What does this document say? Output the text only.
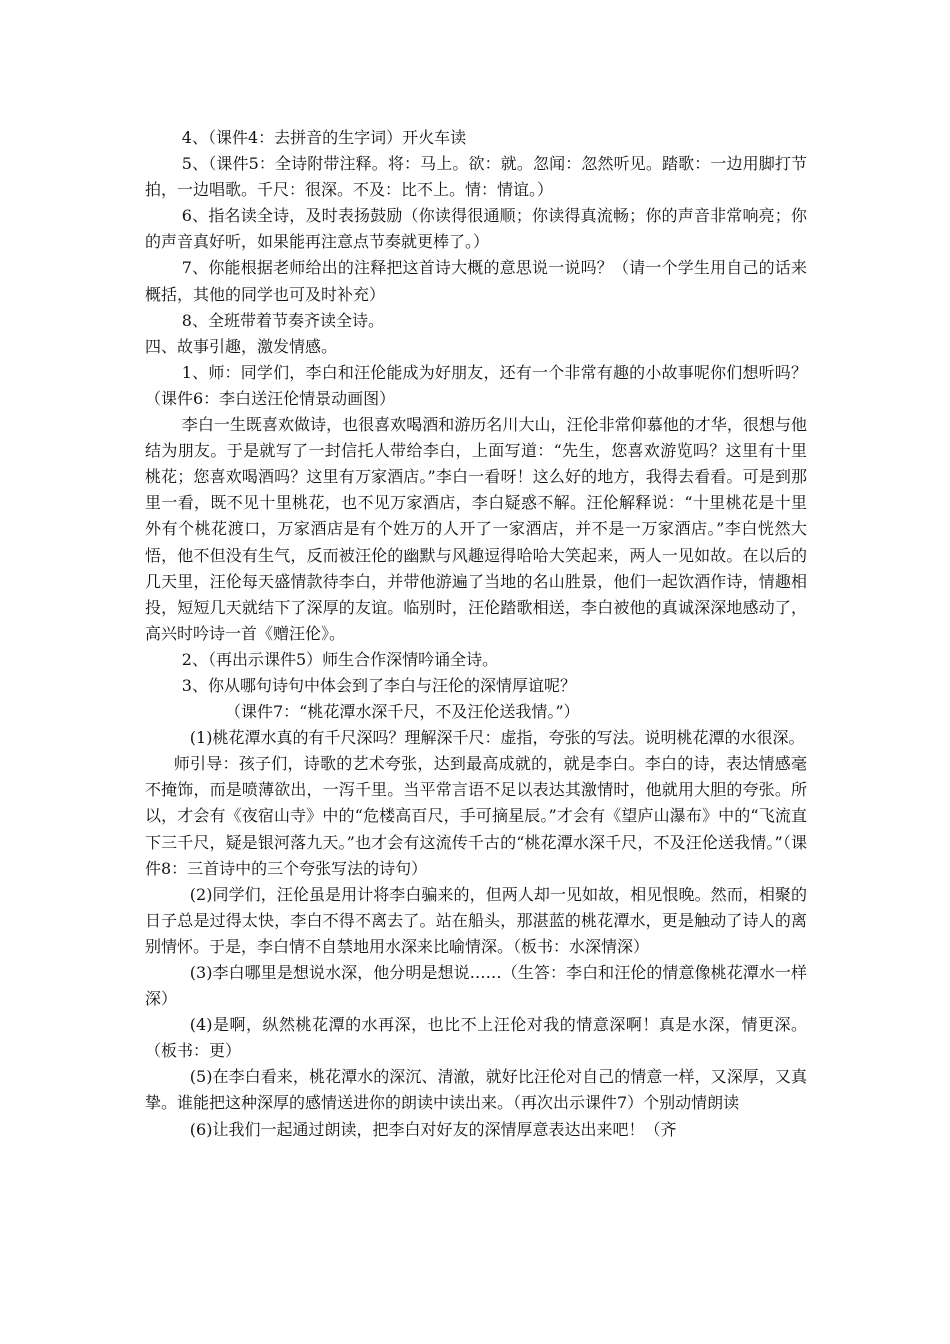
4、（课件4：去拼音的生字词）开火车读

5、（课件5：全诗附带注释。将：马上。欲：就。忽闻：忽然听见。踏歌：一边用脚打节拍，一边唱歌。千尺：很深。不及：比不上。情：情谊。）

6、指名读全诗，及时表扬鼓励（你读得很通顺；你读得真流畅；你的声音非常响亮；你的声音真好听，如果能再注意点节奏就更棒了。）

7、你能根据老师给出的注释把这首诗大概的意思说一说吗？（请一个学生用自己的话来概括，其他的同学也可及时补充）

8、全班带着节奏齐读全诗。

四、故事引趣，激发情感。

1、师：同学们，李白和汪伦能成为好朋友，还有一个非常有趣的小故事呢你们想听吗？（课件6：李白送汪伦情景动画图）

李白一生既喜欢做诗，也很喜欢喝酒和游历名川大山，汪伦非常仰慕他的才华，很想与他结为朋友。于是就写了一封信托人带给李白，上面写道：“先生，您喜欢游览吗？这里有十里桃花；您喜欢喝酒吗？这里有万家酒店。”李白一看呀！这么好的地方，我得去看看。可是到那里一看，既不见十里桃花，也不见万家酒店，李白疑惑不解。汪伦解释说：“十里桃花是十里外有个桃花渡口，万家酒店是有个姓万的人开了一家酒店，并不是一万家酒店。”李白恍然大悟，他不但没有生气，反而被汪伦的幽默与风趣逗得哈哈大笑起来，两人一见如故。在以后的几天里，汪伦每天盛情款待李白，并带他游遍了当地的名山胜景，他们一起饮酒作诗，情趣相投，短短几天就结下了深厚的友谊。临别时，汪伦踏歌相送，李白被他的真诚深深地感动了，高兴时吟诗一首《赠汪伦》。

2、（再出示课件5）师生合作深情吟诵全诗。

3、你从哪句诗句中体会到了李白与汪伦的深情厚谊呢？

（课件7：“桃花潭水深千尺，不及汪伦送我情。”）

(1)桃花潭水真的有千尺深吗？理解深千尺：虚指，夸张的写法。说明桃花潭的水很深。

师引导：孩子们，诗歌的艺术夸张，达到最高成就的，就是李白。李白的诗，表达情感毫不掩饰，而是喷薄欲出，一泻千里。当平常言语不足以表达其激情时，他就用大胆的夸张。所以，才会有《夜宿山寺》中的“危楼高百尺，手可摘星辰。”才会有《望庐山瀑布》中的“飞流直下三千尺，疑是银河落九天。”也才会有这流传千古的“桃花潭水深千尺，不及汪伦送我情。”（课件8：三首诗中的三个夸张写法的诗句）

(2)同学们，汪伦虽是用计将李白骗来的，但两人却一见如故，相见恨晚。然而，相聚的日子总是过得太快，李白不得不离去了。站在船头，那湛蓝的桃花潭水，更是触动了诗人的离别情怀。于是，李白情不自禁地用水深来比喻情深。（板书：水深情深）

(3)李白哪里是想说水深，他分明是想说……（生答：李白和汪伦的情意像桃花潭水一样深）

(4)是啊，纵然桃花潭的水再深，也比不上汪伦对我的情意深啊！真是水深，情更深。（板书：更）

(5)在李白看来，桃花潭水的深沉、清澈，就好比汪伦对自己的情意一样，又深厚，又真挚。谁能把这种深厚的感情送进你的朗读中读出来。（再次出示课件7）个别动情朗读

(6)让我们一起通过朗读，把李白对好友的深情厚意表达出来吧！（齐
